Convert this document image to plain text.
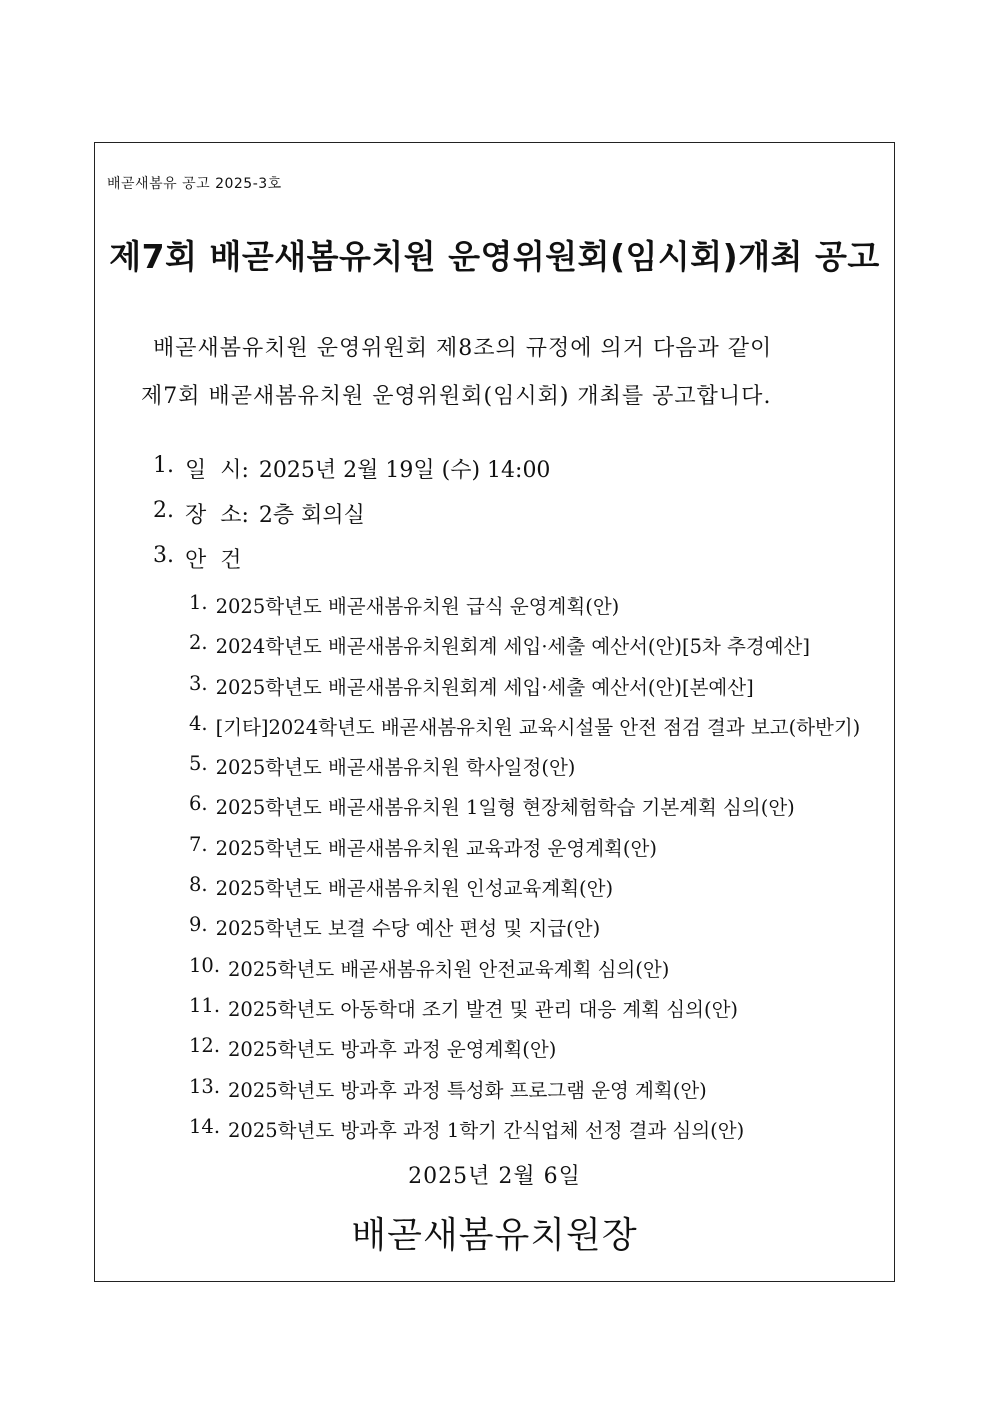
배곧새봄유 공고 2025-3호
제7회 배곧새봄유치원 운영위원회(임시회)개최 공고
배곧새봄유치원 운영위원회 제8조의 규정에 의거 다음과 같이
제7회 배곧새봄유치원 운영위원회(임시회) 개최를 공고합니다.
1. 일  시: 2025년 2월 19일 (수) 14:00
2. 장  소: 2층 회의실
3. 안  건
1. 2025학년도 배곧새봄유치원 급식 운영계획(안)
2. 2024학년도 배곧새봄유치원회계 세입·세출 예산서(안)[5차 추경예산]
3. 2025학년도 배곧새봄유치원회계 세입·세출 예산서(안)[본예산]
4. [기타]2024학년도 배곧새봄유치원 교육시설물 안전 점검 결과 보고(하반기)
5. 2025학년도 배곧새봄유치원 학사일정(안)
6. 2025학년도 배곧새봄유치원 1일형 현장체험학습 기본계획 심의(안)
7. 2025학년도 배곧새봄유치원 교육과정 운영계획(안)
8. 2025학년도 배곧새봄유치원 인성교육계획(안)
9. 2025학년도 보결 수당 예산 편성 및 지급(안)
10. 2025학년도 배곧새봄유치원 안전교육계획 심의(안)
11. 2025학년도 아동학대 조기 발견 및 관리 대응 계획 심의(안)
12. 2025학년도 방과후 과정 운영계획(안)
13. 2025학년도 방과후 과정 특성화 프로그램 운영 계획(안)
14. 2025학년도 방과후 과정 1학기 간식업체 선정 결과 심의(안)
2025년 2월 6일
배곧새봄유치원장
